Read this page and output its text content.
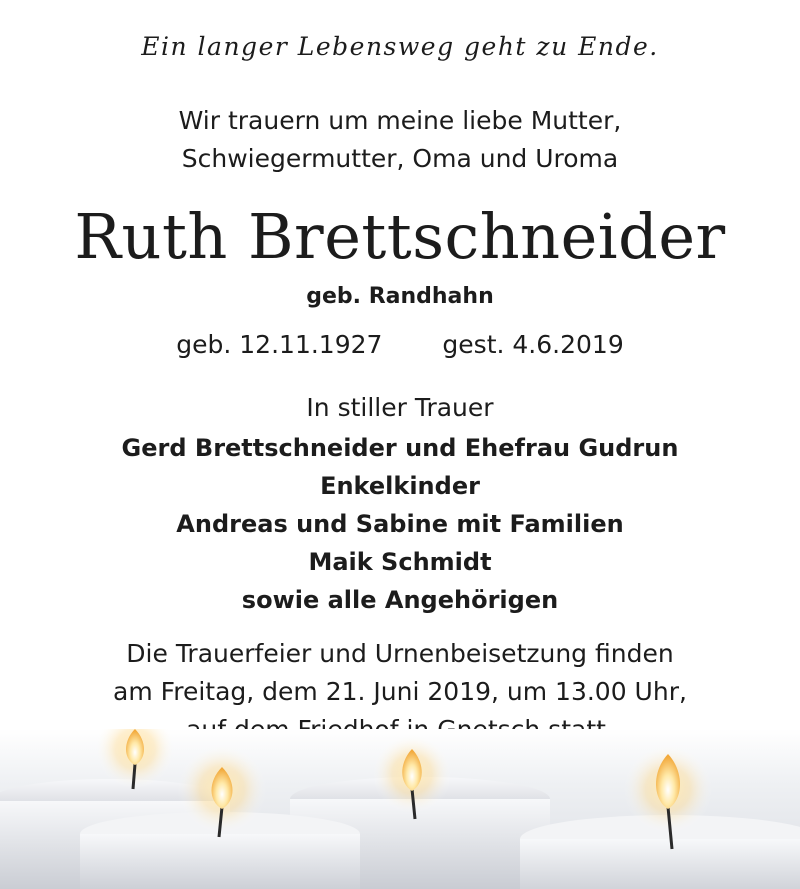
Ein langer Lebensweg geht zu Ende.
Wir trauern um meine liebe Mutter,
Schwiegermutter, Oma und Uroma
Ruth Brettschneider
geb. Randhahn
geb. 12.11.1927 gest. 4.6.2019
In stiller Trauer
Gerd Brettschneider und Ehefrau Gudrun
Enkelkinder
Andreas und Sabine mit Familien
Maik Schmidt
sowie alle Angehörigen
Die Trauerfeier und Urnenbeisetzung finden
am Freitag, dem 21. Juni 2019, um 13.00 Uhr,
